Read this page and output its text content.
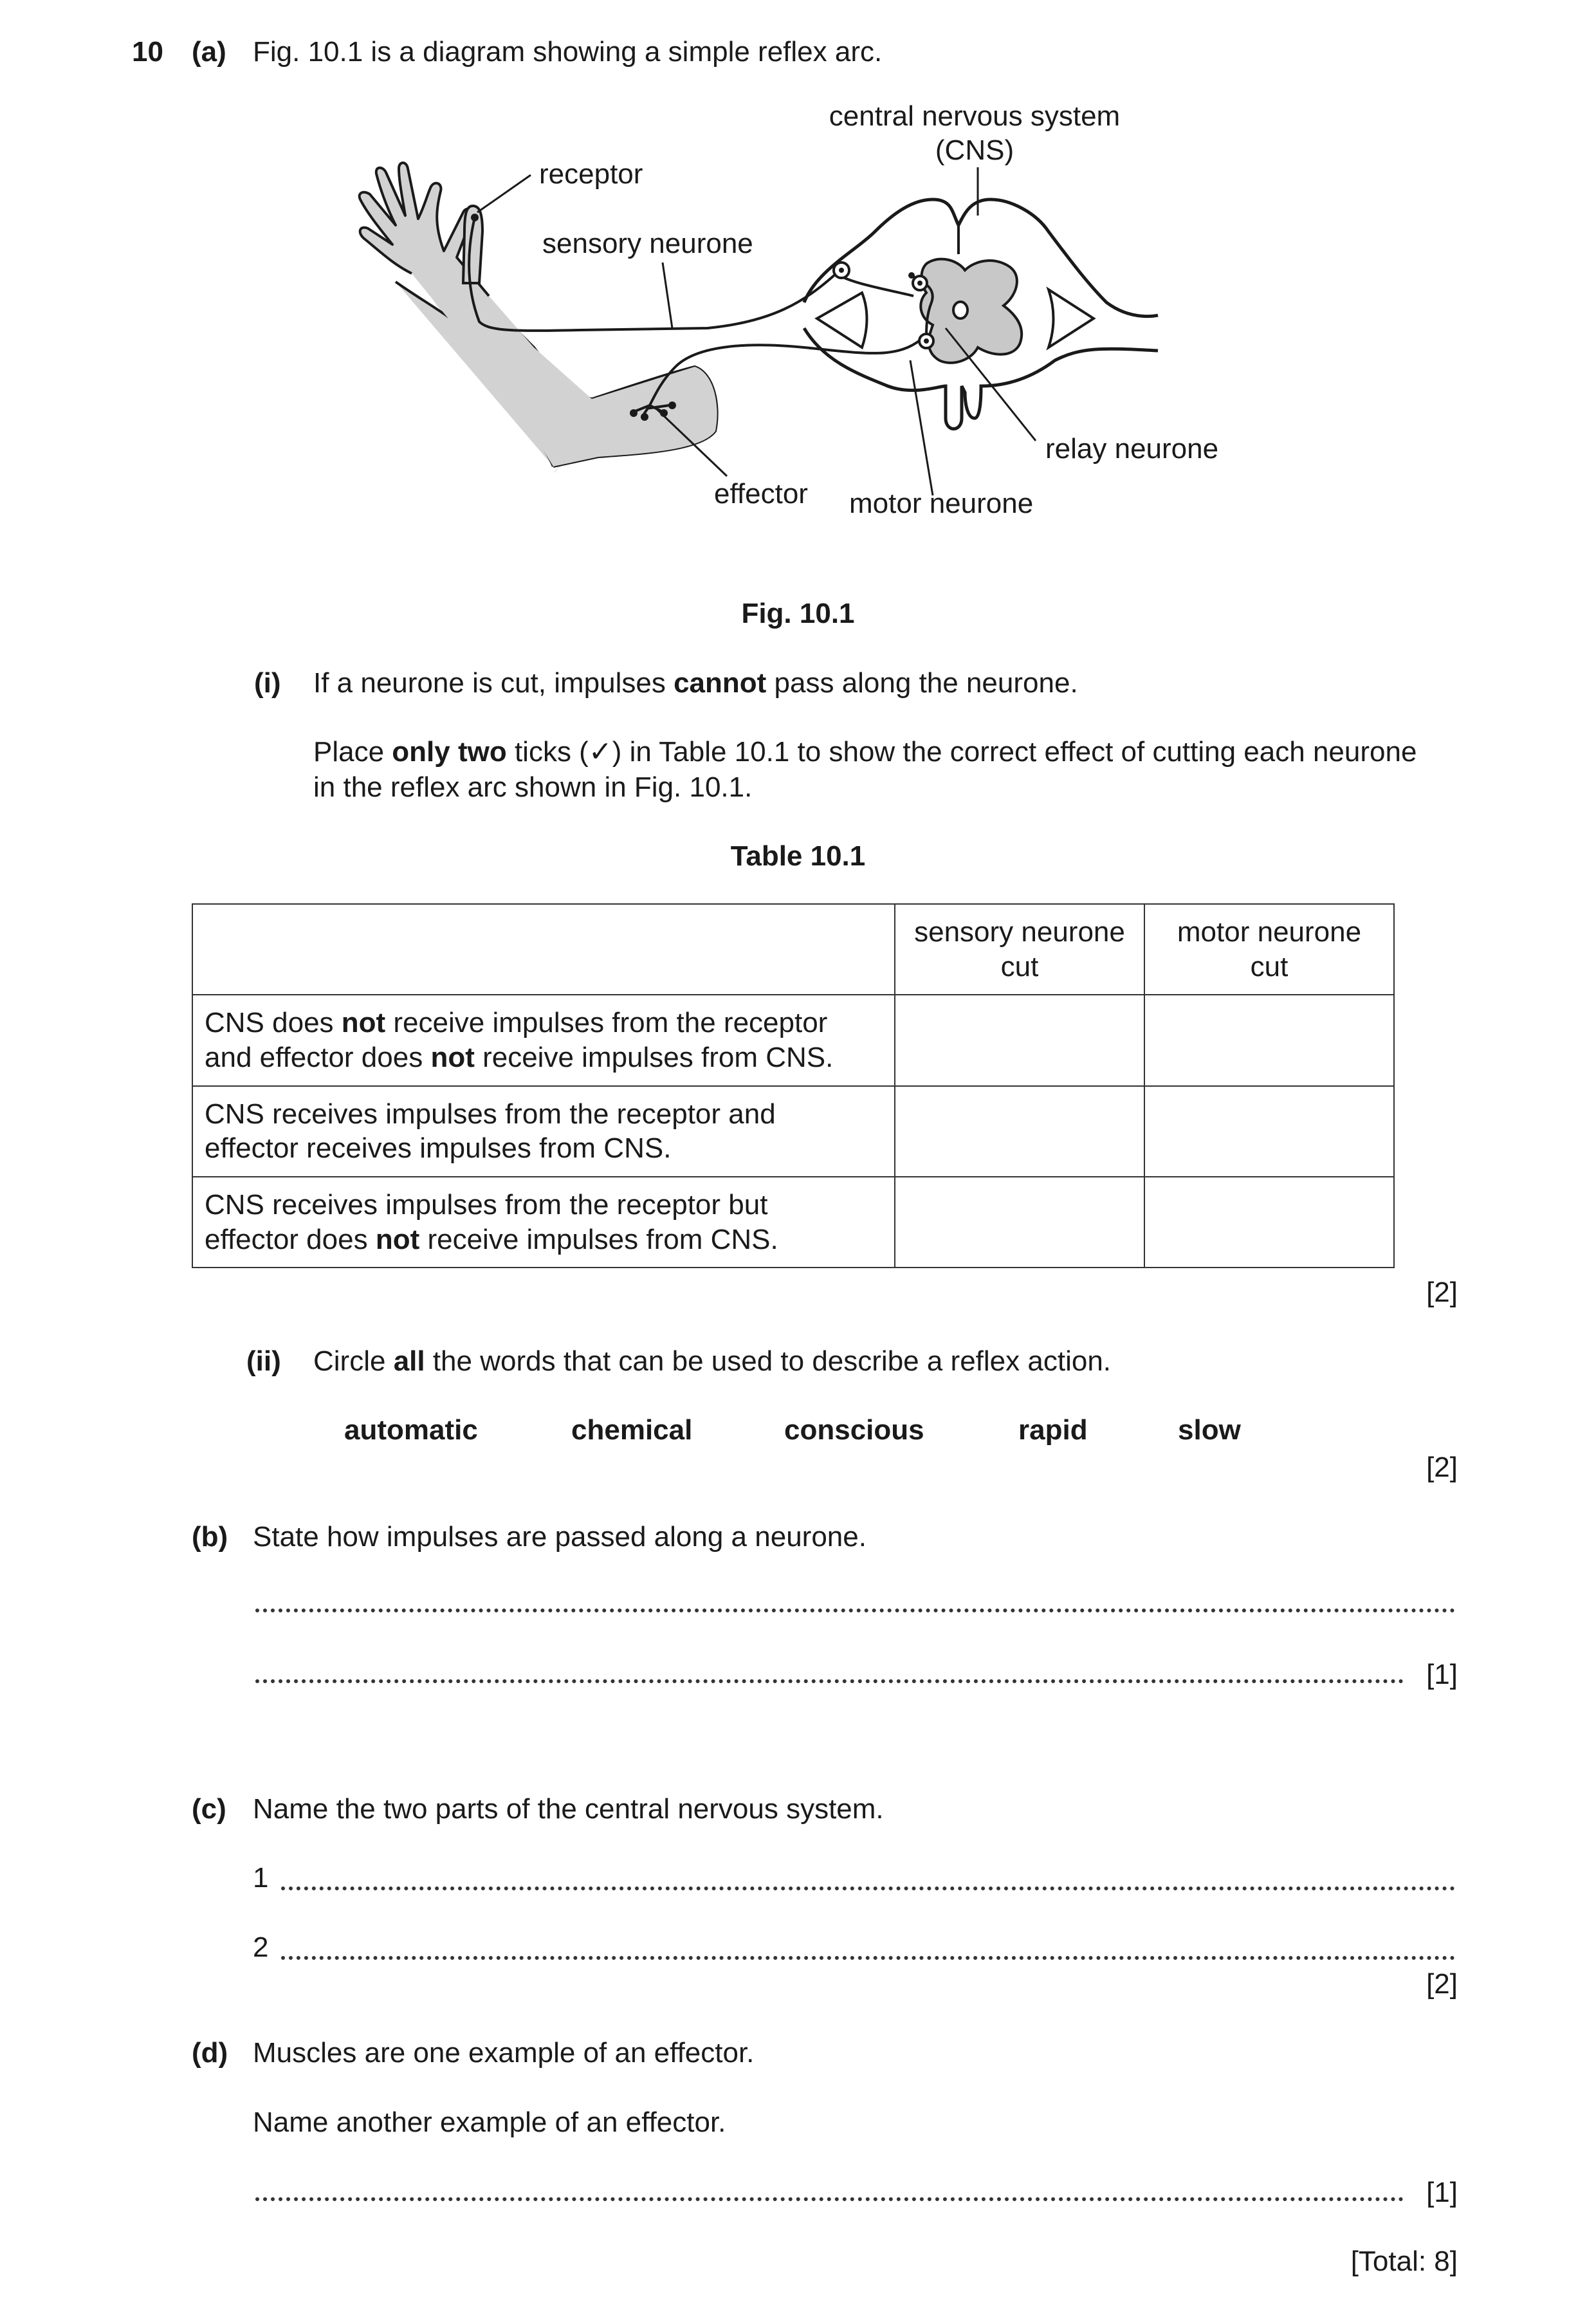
10 (a) Fig. 10.1 is a diagram showing a simple reflex arc.
central nervous system
(CNS)
receptor
sensory neurone
relay neurone
effector motor neurone
Fig. 10.1
(i) If a neurone is cut, impulses cannot pass along the neurone.
Place only two ticks (✓) in Table 10.1 to show the correct effect of cutting each neurone
in the reflex arc shown in Fig. 10.1.
Table 10.1
	sensory neurone cut	motor neurone cut
CNS does not receive impulses from the receptor
and effector does not receive impulses from CNS.		
CNS receives impulses from the receptor and
effector receives impulses from CNS.		
CNS receives impulses from the receptor but
effector does not receive impulses from CNS.		
[2]
(ii) Circle all the words that can be used to describe a reflex action.
automatic	chemical	conscious	rapid	slow
[2]
(b) State how impulses are passed along a neurone.
[1]
(c) Name the two parts of the central nervous system.
1
2
[2]
(d) Muscles are one example of an effector.
Name another example of an effector.
[1]
[Total: 8]
